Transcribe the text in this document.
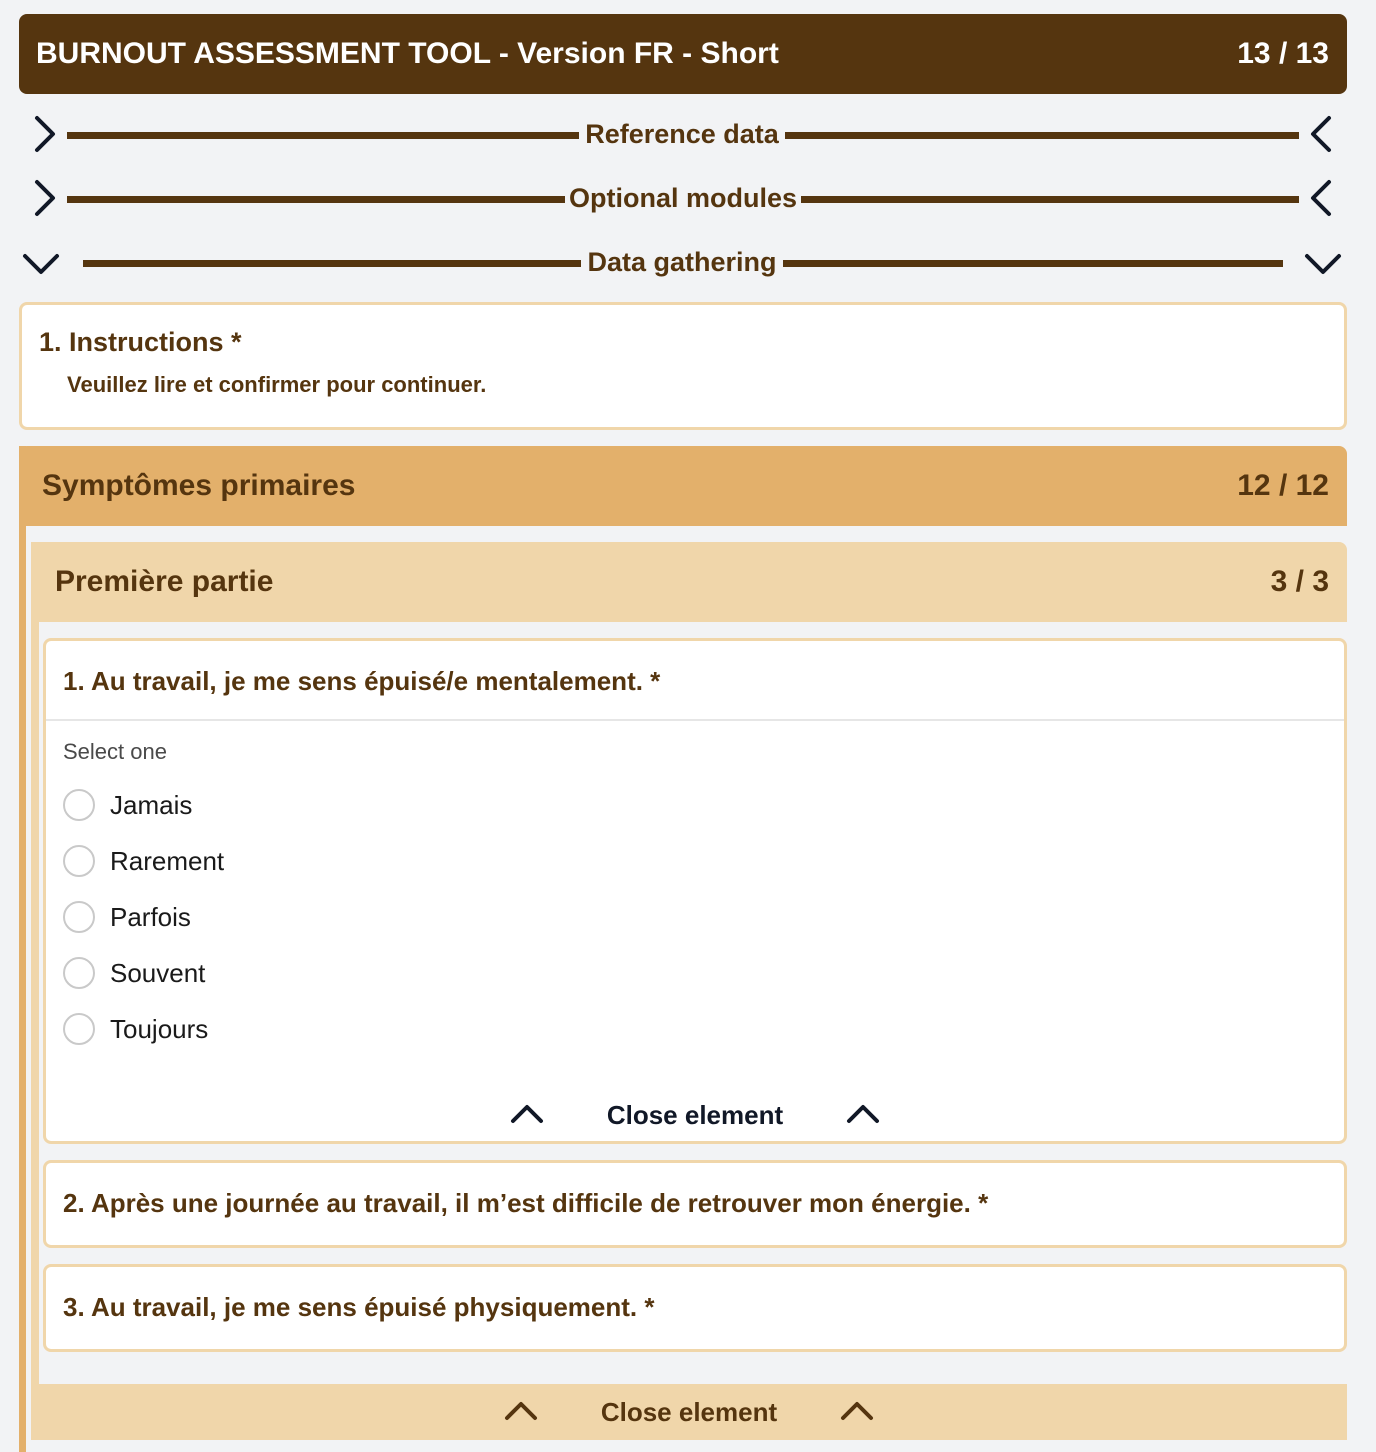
BURNOUT ASSESSMENT TOOL - Version FR - Short	13 / 13
Reference data
Optional modules
Data gathering
1. Instructions *
Veuillez lire et confirmer pour continuer.
Symptômes primaires	12 / 12
Première partie	3 / 3
1. Au travail, je me sens épuisé/e mentalement. *
Select one
Jamais
Rarement
Parfois
Souvent
Toujours
Close element
2. Après une journée au travail, il m’est difficile de retrouver mon énergie. *
3. Au travail, je me sens épuisé physiquement. *
Close element
